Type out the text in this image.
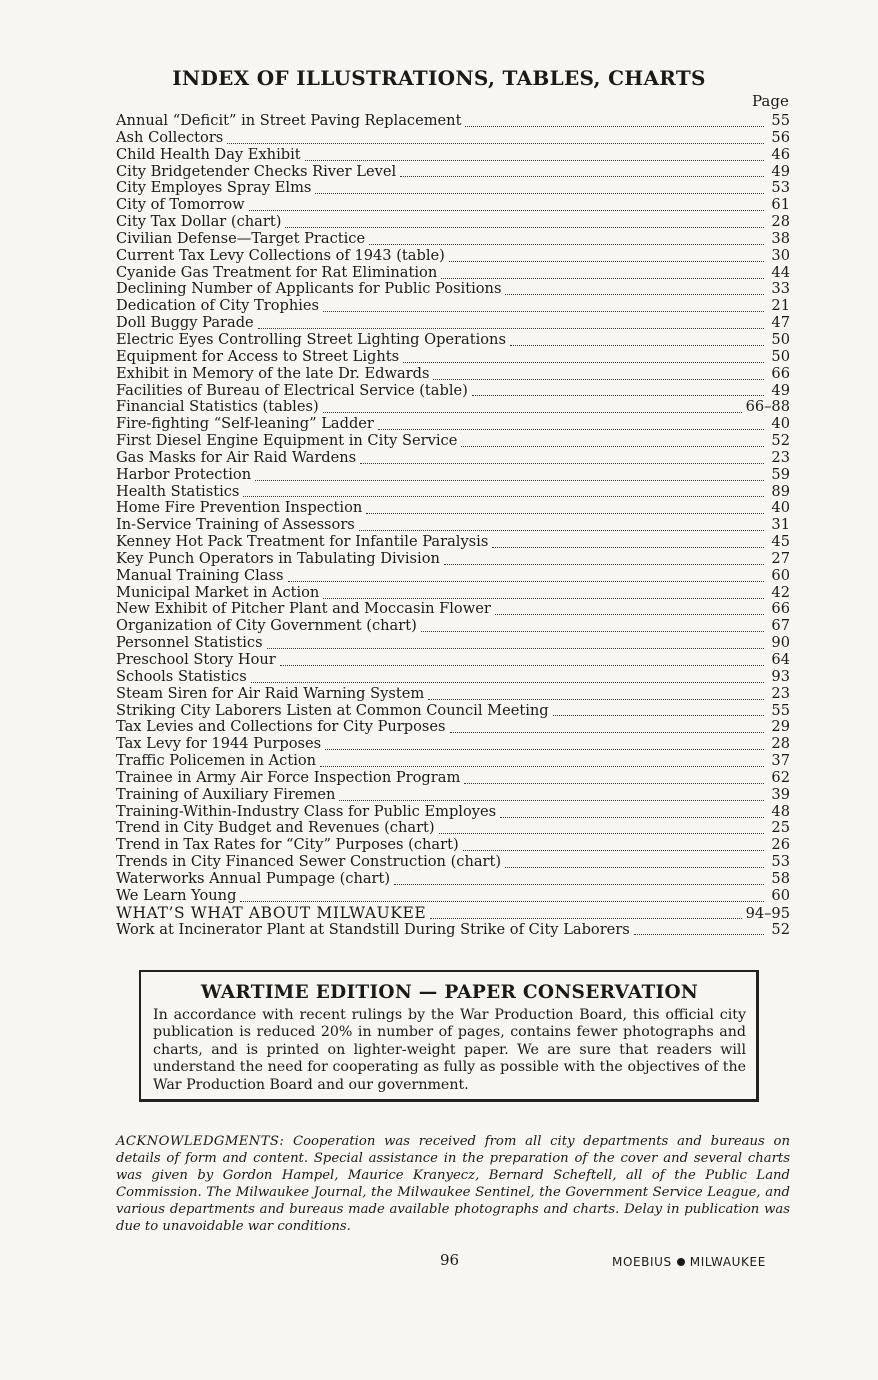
INDEX OF ILLUSTRATIONS, TABLES, CHARTS
Page
Annual “Deficit” in Street Paving Replacement	55
Ash Collectors	56
Child Health Day Exhibit	46
City Bridgetender Checks River Level	49
City Employes Spray Elms	53
City of Tomorrow	61
City Tax Dollar (chart)	28
Civilian Defense—Target Practice	38
Current Tax Levy Collections of 1943 (table)	30
Cyanide Gas Treatment for Rat Elimination	44
Declining Number of Applicants for Public Positions	33
Dedication of City Trophies	21
Doll Buggy Parade	47
Electric Eyes Controlling Street Lighting Operations	50
Equipment for Access to Street Lights	50
Exhibit in Memory of the late Dr. Edwards	66
Facilities of Bureau of Electrical Service (table)	49
Financial Statistics (tables)	66–88
Fire-fighting “Self-leaning” Ladder	40
First Diesel Engine Equipment in City Service	52
Gas Masks for Air Raid Wardens	23
Harbor Protection	59
Health Statistics	89
Home Fire Prevention Inspection	40
In-Service Training of Assessors	31
Kenney Hot Pack Treatment for Infantile Paralysis	45
Key Punch Operators in Tabulating Division	27
Manual Training Class	60
Municipal Market in Action	42
New Exhibit of Pitcher Plant and Moccasin Flower	66
Organization of City Government (chart)	67
Personnel Statistics	90
Preschool Story Hour	64
Schools Statistics	93
Steam Siren for Air Raid Warning System	23
Striking City Laborers Listen at Common Council Meeting	55
Tax Levies and Collections for City Purposes	29
Tax Levy for 1944 Purposes	28
Traffic Policemen in Action	37
Trainee in Army Air Force Inspection Program	62
Training of Auxiliary Firemen	39
Training-Within-Industry Class for Public Employes	48
Trend in City Budget and Revenues (chart)	25
Trend in Tax Rates for “City” Purposes (chart)	26
Trends in City Financed Sewer Construction (chart)	53
Waterworks Annual Pumpage (chart)	58
We Learn Young	60
WHAT’S WHAT ABOUT MILWAUKEE	94–95
Work at Incinerator Plant at Standstill During Strike of City Laborers	52
WARTIME EDITION — PAPER CONSERVATION

In accordance with recent rulings by the War Production Board, this official city publication is reduced 20% in number of pages, contains fewer photographs and charts, and is printed on lighter-weight paper. We are sure that readers will understand the need for cooperating as fully as possible with the objectives of the War Production Board and our government.

ACKNOWLEDGMENTS: Cooperation was received from all city departments and bureaus on details of form and content. Special assistance in the preparation of the cover and several charts was given by Gordon Hampel, Maurice Kranyecz, Bernard Scheftell, all of the Public Land Commission. The Milwaukee Journal, the Milwaukee Sentinel, the Government Service League, and various departments and bureaus made available photographs and charts. Delay in publication was due to unavoidable war conditions.
96	MOEBIUS MILWAUKEE
